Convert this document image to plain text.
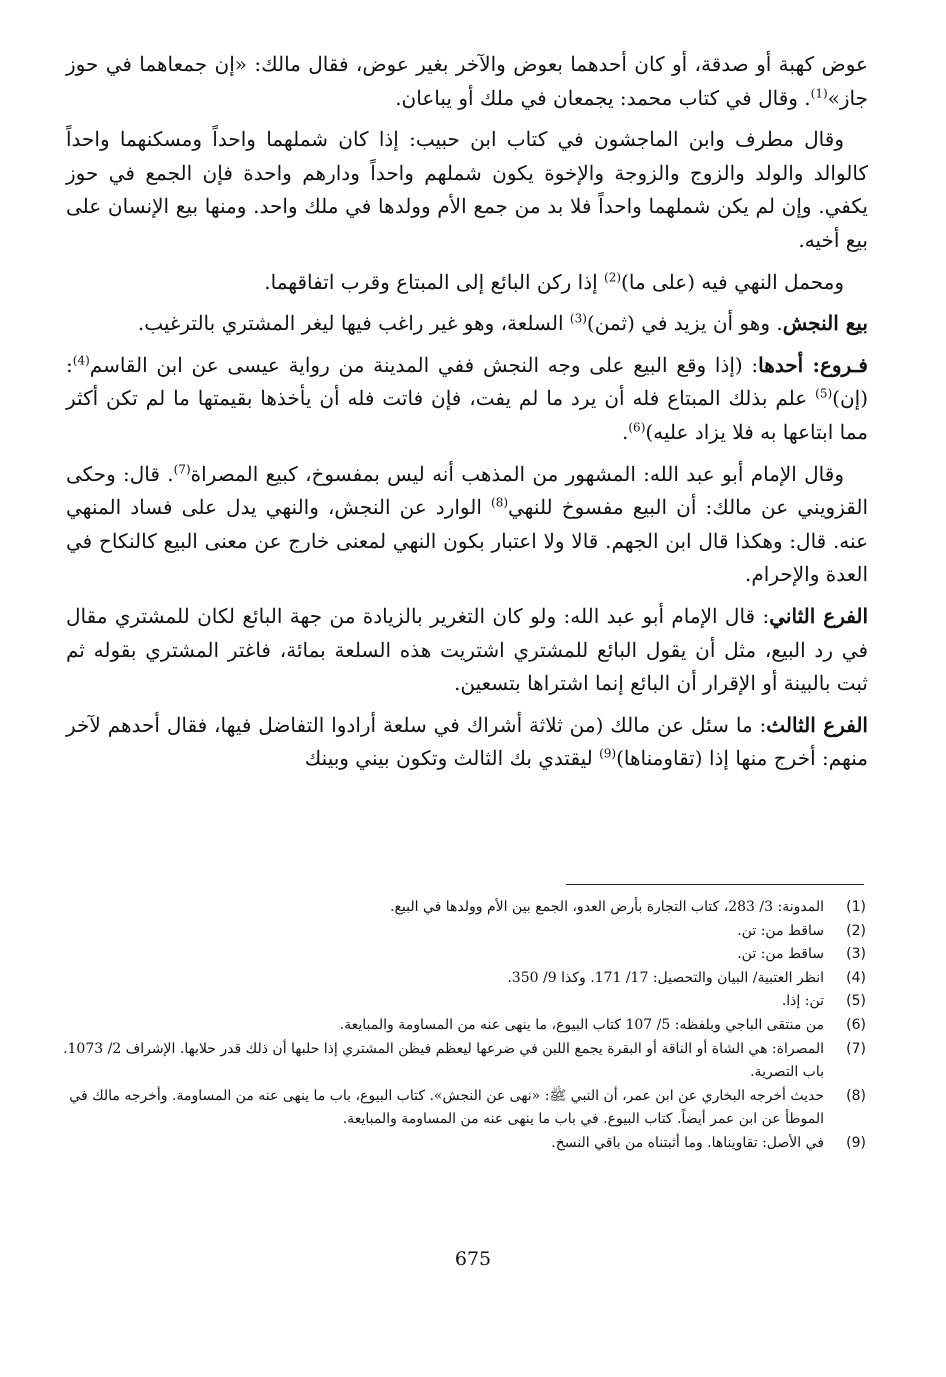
عوض كهبة أو صدقة، أو كان أحدهما بعوض والآخر بغير عوض، فقال مالك: «إن جمعاهما في حوز جاز»$^{(1)}$. وقال في كتاب محمد: يجمعان في ملك أو يباعان.

وقال مطرف وابن الماجشون في كتاب ابن حبيب: إذا كان شملهما واحداً ومسكنهما واحداً كالوالد والولد والزوج والزوجة والإخوة يكون شملهم واحداً ودارهم واحدة فإن الجمع في حوز يكفي. وإن لم يكن شملهما واحداً فلا بد من جمع الأم وولدها في ملك واحد. ومنها بيع الإنسان على بيع أخيه.

ومحمل النهي فيه (على ما)$^{(2)}$ إذا ركن البائع إلى المبتاع وقرب اتفاقهما.

بيع النجش. وهو أن يزيد في (ثمن)$^{(3)}$ السلعة، وهو غير راغب فيها ليغر المشتري بالترغيب.

فـروع: أحدها: (إذا وقع البيع على وجه النجش ففي المدينة من رواية عيسى عن ابن القاسم$^{(4)}$: (إن)$^{(5)}$ علم بذلك المبتاع فله أن يرد ما لم يفت، فإن فاتت فله أن يأخذها بقيمتها ما لم تكن أكثر مما ابتاعها به فلا يزاد عليه)$^{(6)}$.

وقال الإمام أبو عبد الله: المشهور من المذهب أنه ليس بمفسوخ، كبيع المصراة$^{(7)}$. قال: وحكى القزويني عن مالك: أن البيع مفسوخ للنهي$^{(8)}$ الوارد عن النجش، والنهي يدل على فساد المنهي عنه. قال: وهكذا قال ابن الجهم. قالا ولا اعتبار بكون النهي لمعنى خارج عن معنى البيع كالنكاح في العدة والإحرام.

الفرع الثاني: قال الإمام أبو عبد الله: ولو كان التغرير بالزيادة من جهة البائع لكان للمشتري مقال في رد البيع، مثل أن يقول البائع للمشتري اشتريت هذه السلعة بمائة، فاغتر المشتري بقوله ثم ثبت بالبينة أو الإقرار أن البائع إنما اشتراها بتسعين.

الفرع الثالث: ما سئل عن مالك (من ثلاثة أشراك في سلعة أرادوا التفاضل فيها، فقال أحدهم لآخر منهم: أخرج منها إذا (تقاومناها)$^{(9)}$ ليقتدي بك الثالث وتكون بيني وبينك

(1)
المدونة: 3/ 283، كتاب التجارة بأرض العدو، الجمع بين الأم وولدها في البيع.
(2)
ساقط من: تن.
(3)
ساقط من: تن.
(4)
انظر العتبية/ البيان والتحصيل: 17/ 171. وكذا 9/ 350.
(5)
تن: إذا.
(6)
من منتقى الباجي وبلفظه: 5/ 107 كتاب البيوع، ما ينهى عنه من المساومة والمبايعة.
(7)
المصراة: هي الشاة أو الناقة أو البقرة يجمع اللبن في ضرعها ليعظم فيظن المشتري إذا حلبها أن ذلك قدر حلابها. الإشراف 2/ 1073. باب التصرية.
(8)
حديث أخرجه البخاري عن ابن عمر، أن النبي ﷺ: «نهى عن النجش». كتاب البيوع، باب ما ينهى عنه من المساومة. وأخرجه مالك في الموطأ عن ابن عمر أيضاً. كتاب البيوع. في باب ما ينهى عنه من المساومة والمبايعة.
(9)
في الأصل: تقاويناها. وما أثبتناه من باقي النسخ.
675
